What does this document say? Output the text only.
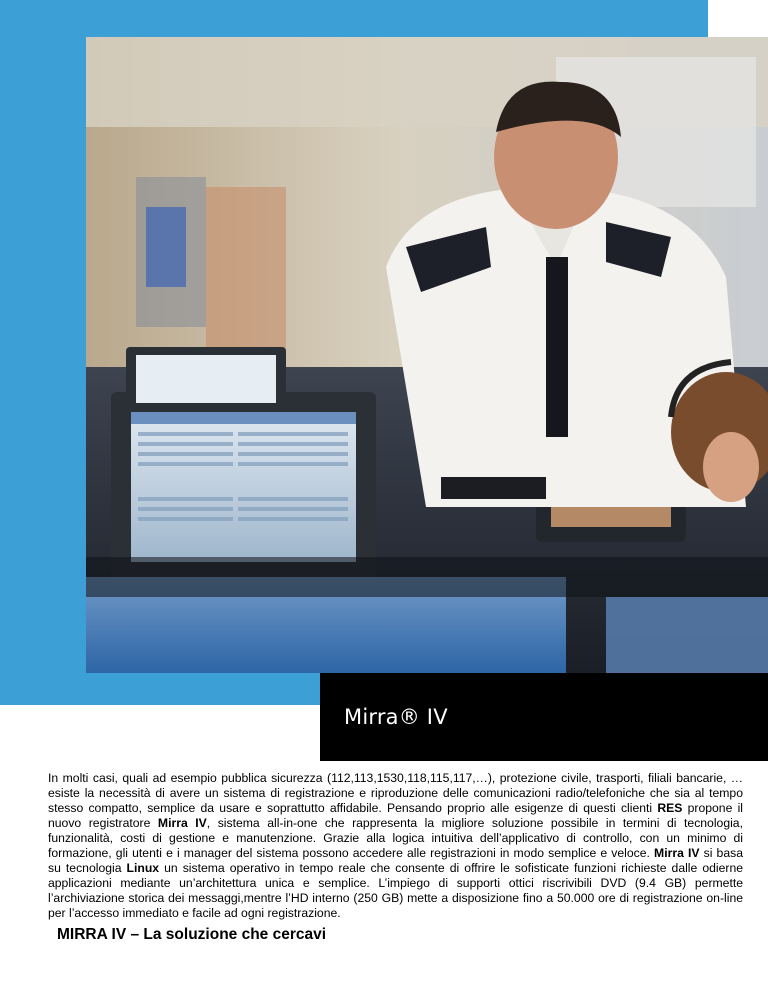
Mirra® IV
In molti casi, quali ad esempio pubblica sicurezza (112,113,1530,118,115,117,…), protezione civile, trasporti, filiali bancarie, … esiste la necessità di avere un sistema di registrazione e riproduzione delle comunicazioni radio/telefoniche che sia al tempo stesso compatto, semplice da usare e soprattutto affidabile. Pensando proprio alle esigenze di questi clienti RES propone il nuovo registratore Mirra IV, sistema all-in-one che rappresenta la migliore soluzione possibile in termini di tecnologia, funzionalità, costi di gestione e manutenzione. Grazie alla logica intuitiva dell’applicativo di controllo, con un minimo di formazione, gli utenti e i manager del sistema possono accedere alle registrazioni in modo semplice e veloce. Mirra IV si basa su tecnologia Linux un sistema operativo in tempo reale che consente di offrire le sofisticate funzioni richieste dalle odierne applicazioni mediante un’architettura unica e semplice. L’impiego di supporti ottici riscrivibili DVD (9.4 GB) permette l’archiviazione storica dei messaggi,mentre l’HD interno (250 GB) mette a disposizione fino a 50.000 ore di registrazione on-line per l’accesso immediato e facile ad ogni registrazione.
MIRRA IV – La soluzione che cercavi
